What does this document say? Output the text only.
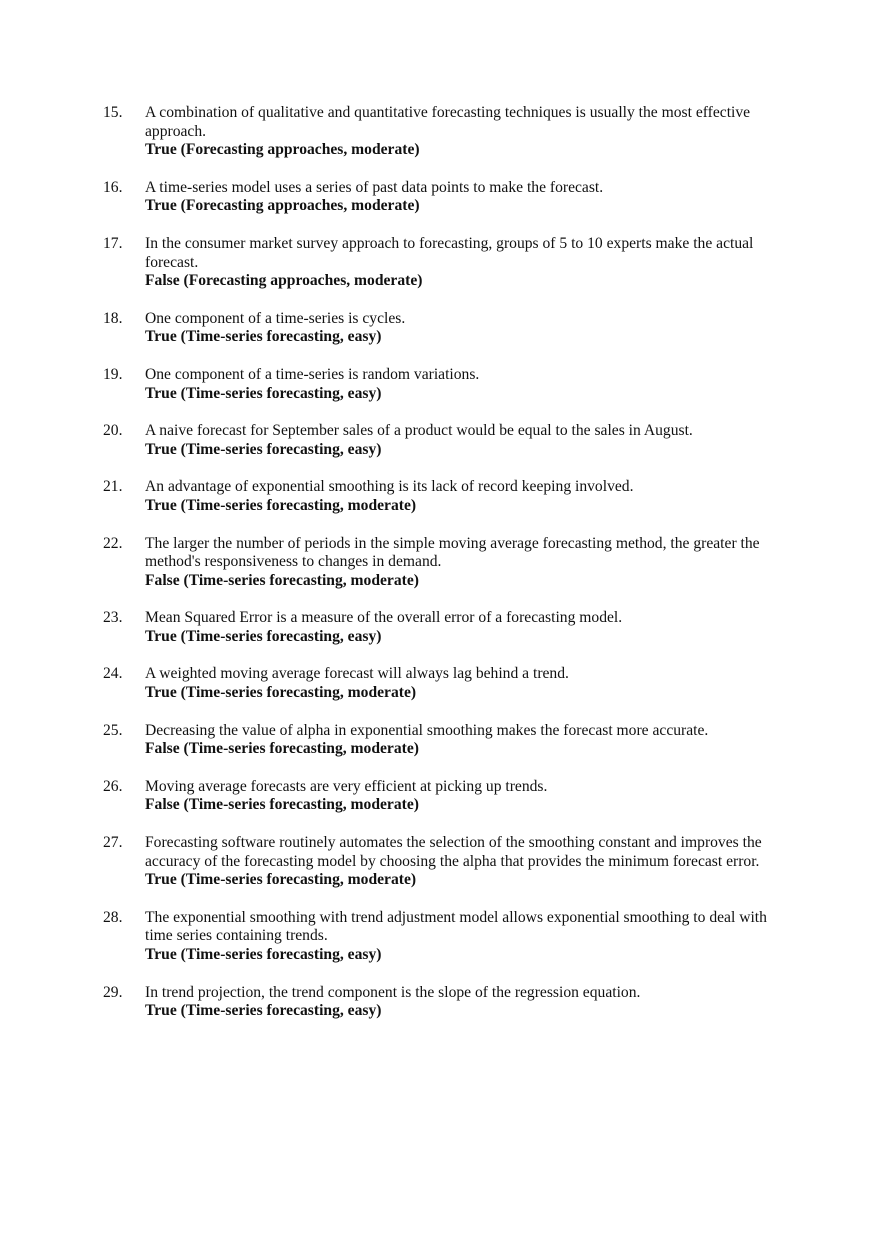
15.	A combination of qualitative and quantitative forecasting techniques is usually the most effective approach.
True (Forecasting approaches, moderate)
16.	A time-series model uses a series of past data points to make the forecast.
True (Forecasting approaches, moderate)
17.	In the consumer market survey approach to forecasting, groups of 5 to 10 experts make the actual forecast.
False (Forecasting approaches, moderate)
18.	One component of a time-series is cycles.
True (Time-series forecasting, easy)
19.	One component of a time-series is random variations.
True (Time-series forecasting, easy)
20.	A naive forecast for September sales of a product would be equal to the sales in August.
True (Time-series forecasting, easy)
21.	An advantage of exponential smoothing is its lack of record keeping involved.
True (Time-series forecasting, moderate)
22.	The larger the number of periods in the simple moving average forecasting method, the greater the method's responsiveness to changes in demand.
False (Time-series forecasting, moderate)
23.	Mean Squared Error is a measure of the overall error of a forecasting model.
True (Time-series forecasting, easy)
24.	A weighted moving average forecast will always lag behind a trend.
True (Time-series forecasting, moderate)
25.	Decreasing the value of alpha in exponential smoothing makes the forecast more accurate.
False (Time-series forecasting, moderate)
26.	Moving average forecasts are very efficient at picking up trends.
False (Time-series forecasting, moderate)
27.	Forecasting software routinely automates the selection of the smoothing constant and improves the accuracy of the forecasting model by choosing the alpha that provides the minimum forecast error.
True (Time-series forecasting, moderate)
28.	The exponential smoothing with trend adjustment model allows exponential smoothing to deal with time series containing trends.
True (Time-series forecasting, easy)
29.	In trend projection, the trend component is the slope of the regression equation.
True (Time-series forecasting, easy)
